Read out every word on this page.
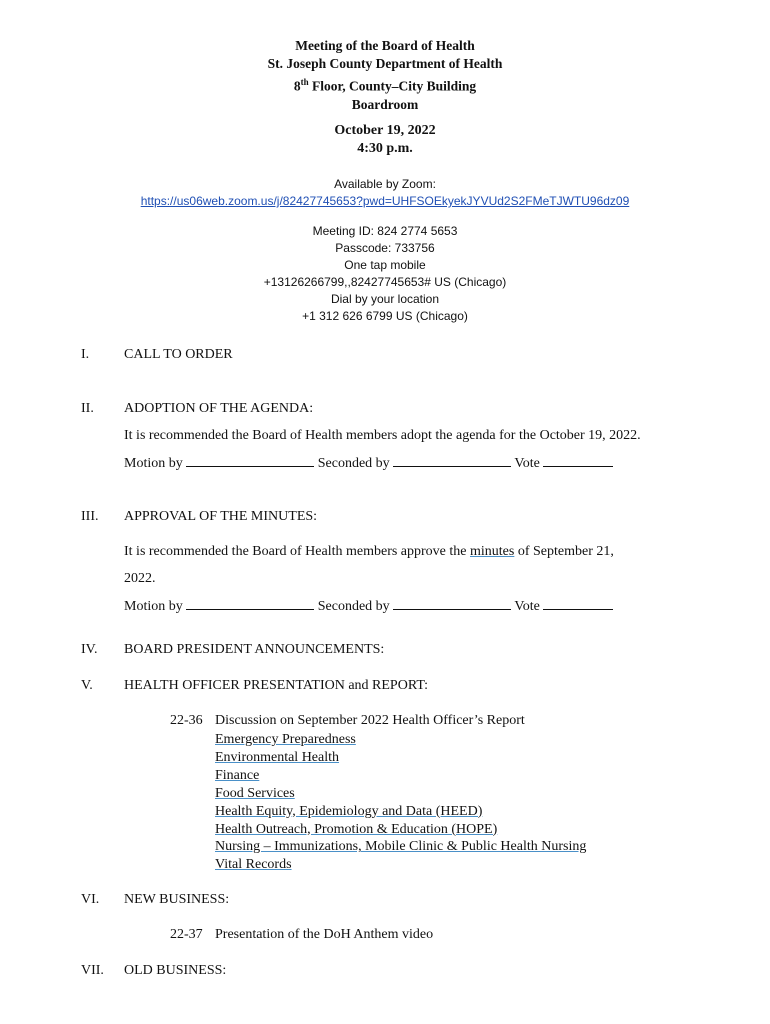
Meeting of the Board of Health
St. Joseph County Department of Health
8th Floor, County–City Building
Boardroom
October 19, 2022
4:30 p.m.
Available by Zoom:
https://us06web.zoom.us/j/82427745653?pwd=UHFSOEkyekJYVUd2S2FMeTJWTU96dz09
Meeting ID: 824 2774 5653
Passcode: 733756
One tap mobile
+13126266799,,82427745653# US (Chicago)
Dial by your location
+1 312 626 6799 US (Chicago)
I.	CALL TO ORDER
II.	ADOPTION OF THE AGENDA:
It is recommended the Board of Health members adopt the agenda for the October 19, 2022.
Motion by	Seconded by	Vote
III.	APPROVAL OF THE MINUTES:
It is recommended the Board of Health members approve the minutes of September 21,
2022.
Motion by	Seconded by	Vote
IV.	BOARD PRESIDENT ANNOUNCEMENTS:
V.	HEALTH OFFICER PRESENTATION and REPORT:
22-36 Discussion on September 2022 Health Officer’s Report
Emergency Preparedness
Environmental Health
Finance
Food Services
Health Equity, Epidemiology and Data (HEED)
Health Outreach, Promotion & Education (HOPE)
Nursing – Immunizations, Mobile Clinic & Public Health Nursing
Vital Records
VI.	NEW BUSINESS:
22-37 Presentation of the DoH Anthem video
VII.	OLD BUSINESS:
